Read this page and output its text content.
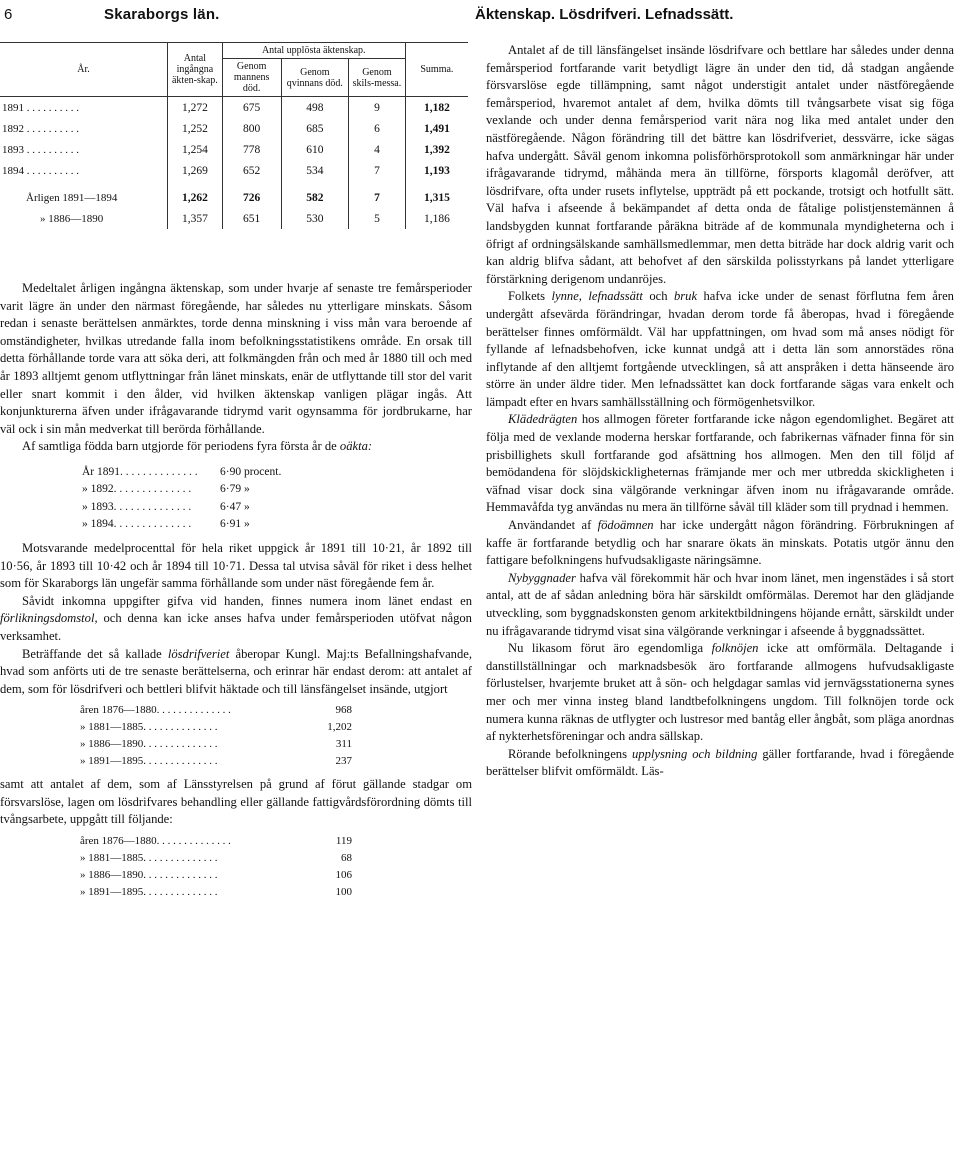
6	Skaraborgs län.	Äktenskap. Lösdrifveri. Lefnadssätt.
År.	Antal ingångna äkten-skap.	Antal upplösta äktenskap.			Summa.
		Genom mannens död.	Genom qvinnans död.	Genom skils-messa.	
1891 . . . . . . . . . .	1,272	675	498	9	1,182
1892 . . . . . . . . . .	1,252	800	685	6	1,491
1893 . . . . . . . . . .	1,254	778	610	4	1,392
1894 . . . . . . . . . .	1,269	652	534	7	1,193
Årligen 1891—1894	1,262	726	582	7	1,315
» 1886—1890	1,357	651	530	5	1,186

Medeltalet årligen ingångna äktenskap, som under hvarje af senaste tre femårsperioder varit lägre än under den närmast föregående, har således nu ytterligare minskats. Såsom redan i senaste berättelsen anmärktes, torde denna minskning i viss mån vara beroende af omständigheter, hvilkas utredande falla inom befolkningsstatistikens område. En orsak till detta förhållande torde vara att söka deri, att folkmängden från och med år 1880 till och med år 1893 alltjemt genom utflyttningar från länet minskats, enär de utflyttande till stor del varit eller snart kommit i den ålder, vid hvilken äktenskap vanligen plägar ingås. Att konjunkturerna äfven under ifrågavarande tidrymd varit ogynsamma för jordbrukarne, har väl ock i sin mån medverkat till berörda förhållande.

Af samtliga födda barn utgjorde för periodens fyra första år de oäkta:

År 1891. . . . . . . . . . . . . .	6·90 procent.
» 1892. . . . . . . . . . . . . .	6·79 »
» 1893. . . . . . . . . . . . . .	6·47 »
» 1894. . . . . . . . . . . . . .	6·91 »

Motsvarande medelprocenttal för hela riket uppgick år 1891 till 10·21, år 1892 till 10·56, år 1893 till 10·42 och år 1894 till 10·71. Dessa tal utvisa såväl för riket i dess helhet som för Skaraborgs län ungefär samma förhållande som under näst föregående fem år.

Såvidt inkomna uppgifter gifva vid handen, finnes numera inom länet endast en förlikningsdomstol, och denna kan icke anses hafva under femårsperioden utöfvat någon verksamhet.

Beträffande det så kallade lösdrifveriet åberopar Kungl. Maj:ts Befallningshafvande, hvad som anförts uti de tre senaste berättelserna, och erinrar här endast derom: att antalet af dem, som för lösdrifveri och bettleri blifvit häktade och till länsfängelset insände, utgjort

åren 1876—1880. . . . . . . . . . . . . .	968
» 1881—1885. . . . . . . . . . . . . .	1,202
» 1886—1890. . . . . . . . . . . . . .	311
» 1891—1895. . . . . . . . . . . . . .	237

samt att antalet af dem, som af Länsstyrelsen på grund af förut gällande stadgar om försvarslöse, lagen om lösdrifvares behandling eller gällande fattigvårdsförordning dömts till tvångsarbete, uppgått till följande:

åren 1876—1880. . . . . . . . . . . . . .	119
» 1881—1885. . . . . . . . . . . . . .	68
» 1886—1890. . . . . . . . . . . . . .	106
» 1891—1895. . . . . . . . . . . . . .	100

Antalet af de till länsfängelset insände lösdrifvare och bettlare har således under denna femårsperiod fortfarande varit betydligt lägre än under den tid, då stadgan angående försvarslöse egde tillämpning, samt något understigit antalet under nästföregående femårsperiod, hvaremot antalet af dem, hvilka dömts till tvångsarbete visat sig föga vexlande och under denna femårsperiod varit nära nog lika med antalet under den nästföregående. Någon förändring till det bättre kan lösdrifveriet, dessvärre, icke sägas hafva undergått. Såväl genom inkomna polisförhörsprotokoll som anmärkningar här under ifrågavarande tidrymd, måhända mera än tillförne, försports klagomål deröfver, att lösdrifvare, ofta under rusets inflytelse, uppträdt på ett pockande, trotsigt och hotfullt sätt. Väl hafva i afseende å bekämpandet af detta onda de fåtalige polistjenstemännen å landsbygden kunnat fortfarande påräkna biträde af de kommunala myndigheterna och i öfrigt af ordningsälskande samhällsmedlemmar, men detta biträde har dock aldrig varit och kan aldrig blifva sådant, att behofvet af den särskilda polisstyrkans på landet ytterligare förstärkning derigenom undanröjes.

Folkets lynne, lefnadssätt och bruk hafva icke under de senast förflutna fem åren undergått afsevärda förändringar, hvadan derom torde få åberopas, hvad i föregående berättelser finnes omförmäldt. Väl har uppfattningen, om hvad som må anses nödigt för fyllande af lefnadsbehofven, icke kunnat undgå att i detta län som annorstädes röna inflytande af den alltjemt fortgående utvecklingen, så att anspråken i detta hänseende äro större än under äldre tider. Men lefnadssättet kan dock fortfarande sägas vara enkelt och lämpadt efter en hvars samhällsställning och förmögenhetsvilkor.

Klädedrägten hos allmogen företer fortfarande icke någon egendomlighet. Begäret att följa med de vexlande moderna herskar fortfarande, och fabrikernas väfnader finna för sin prisbillighets skull fortfarande god afsättning hos allmogen. Men den till följd af bemödandena för slöjdskickligheternas främjande mer och mer utbredda skickligheten i väfnad visar dock sina välgörande verkningar äfven inom nu ifrågavarande område. Hemmavåfda tyg användas nu mera än tillförne såväl till kläder som till prydnad i hemmen.

Användandet af födoämnen har icke undergått någon förändring. Förbrukningen af kaffe är fortfarande betydlig och har snarare ökats än minskats. Potatis utgör ännu den fattigare befolkningens hufvudsakligaste näringsämne.

Nybyggnader hafva väl förekommit här och hvar inom länet, men ingenstädes i så stort antal, att de af sådan anledning böra här särskildt omförmälas. Deremot har den glädjande utveckling, som byggnadskonsten genom arkitektbildningens höjande ernått, särskildt under nu ifrågavarande tidrymd visat sina välgörande verkningar i afseende å byggnadssättet.

Nu likasom förut äro egendomliga folknöjen icke att omförmäla. Deltagande i danstillställningar och marknadsbesök äro fortfarande allmogens hufvudsakligaste förlustelser, hvarjemte bruket att å sön- och helgdagar samlas vid jernvägsstationerna synes mer och mer vinna insteg bland landtbefolkningens ungdom. Till folknöjen torde ock numera kunna räknas de utflygter och lustresor med bantåg eller ångbåt, som pläga anordnas af nykterhetsföreningar och andra sällskap.

Rörande befolkningens upplysning och bildning gäller fortfarande, hvad i föregående berättelser blifvit omförmäldt. Läs-
